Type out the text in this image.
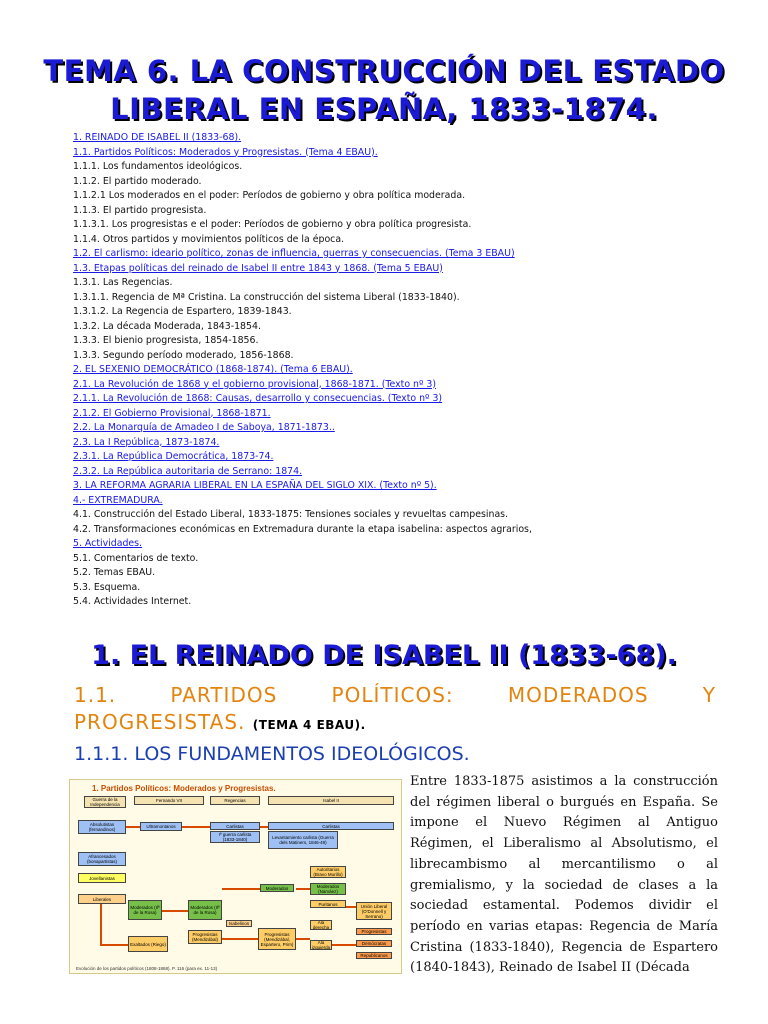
TEMA 6. LA CONSTRUCCIÓN DEL ESTADO
LIBERAL EN ESPAÑA, 1833-1874.
1. REINADO DE ISABEL II (1833-68).
1.1. Partidos Políticos: Moderados y Progresistas. (Tema 4 EBAU).
1.1.1. Los fundamentos ideológicos.
1.1.2. El partido moderado.
1.1.2.1 Los moderados en el poder: Períodos de gobierno y obra política moderada.
1.1.3. El partido progresista.
1.1.3.1. Los progresistas e el poder: Períodos de gobierno y obra política progresista.
1.1.4. Otros partidos y movimientos políticos de la época.
1.2. El carlismo: ideario político, zonas de influencia, guerras y consecuencias. (Tema 3 EBAU)
1.3. Etapas políticas del reinado de Isabel II entre 1843 y 1868. (Tema 5 EBAU)
1.3.1. Las Regencias.
1.3.1.1. Regencia de Mª Cristina. La construcción del sistema Liberal (1833-1840).
1.3.1.2. La Regencia de Espartero, 1839-1843.
1.3.2. La década Moderada, 1843-1854.
1.3.3. El bienio progresista, 1854-1856.
1.3.3. Segundo período moderado, 1856-1868.
2. EL SEXENIO DEMOCRÁTICO (1868-1874). (Tema 6 EBAU).
2.1. La Revolución de 1868 y el gobierno provisional, 1868-1871. (Texto nº 3)
2.1.1. La Revolución de 1868: Causas, desarrollo y consecuencias. (Texto nº 3)
2.1.2. El Gobierno Provisional, 1868-1871.
2.2. La Monarquía de Amadeo I de Saboya, 1871-1873..
2.3. La I República, 1873-1874.
2.3.1. La República Democrática, 1873-74.
2.3.2. La República autoritaria de Serrano: 1874.
3. LA REFORMA AGRARIA LIBERAL EN LA ESPAÑA DEL SIGLO XIX. (Texto nº 5).
4.- EXTREMADURA.
4.1. Construcción del Estado Liberal, 1833-1875: Tensiones sociales y revueltas campesinas.
4.2. Transformaciones económicas en Extremadura durante la etapa isabelina: aspectos agrarios,
5. Actividades.
5.1. Comentarios de texto.
5.2. Temas EBAU.
5.3. Esquema.
5.4. Actividades Internet.
1. EL REINADO DE ISABEL II (1833-68).
1.1.	PARTIDOS	POLÍTICOS:	MODERADOS	Y
PROGRESISTAS. (TEMA 4 EBAU).
1.1.1. LOS FUNDAMENTOS IDEOLÓGICOS.
Entre 1833-1875 asistimos a la construcción del régimen liberal o burgués en España. Se impone el Nuevo Régimen al Antiguo Régimen, el Liberalismo al Absolutismo, el librecambismo al mercantilismo o al gremialismo, y la sociedad de clases a la sociedad estamental. Podemos dividir el período en varias etapas: Regencia de María Cristina (1833-1840), Regencia de Espartero (1840-1843), Reinado de Isabel II (Década
1. Partidos Políticos: Moderados y Progresistas.
Guerra de la Independencia
Fernando VII	Regencias	Isabel II
Absolutistas (fernandinos)
Ultramontanos	Carlistas
Iª guerra carlista (1833-1840)
Carlistas
Levantamiento carlista (Guerra dels Matiners, 1846-49)
Afrancesados (bonapartistas)
Jovellanistas
Liberales
Moderados (Ilª de la Rosa)
Moderados (Ilª de la Rosa)
Moderados
Autoritarios (Bravo Murillo)
Moderados (Narváez)
Puritanos	Unión Liberal (O'Donnell y Serrano)
Exaltados (Riego)
Progresistas (Mendizábal)
Isabelinos
Progresistas (Mendizábal, Espartero, Prim)
Ala derecha
Ala izquierda
Progresistas
Demócratas
Republicanos
Evolución de los partidos políticos (1808-1868). P. 116 (para ex. 11-13)
